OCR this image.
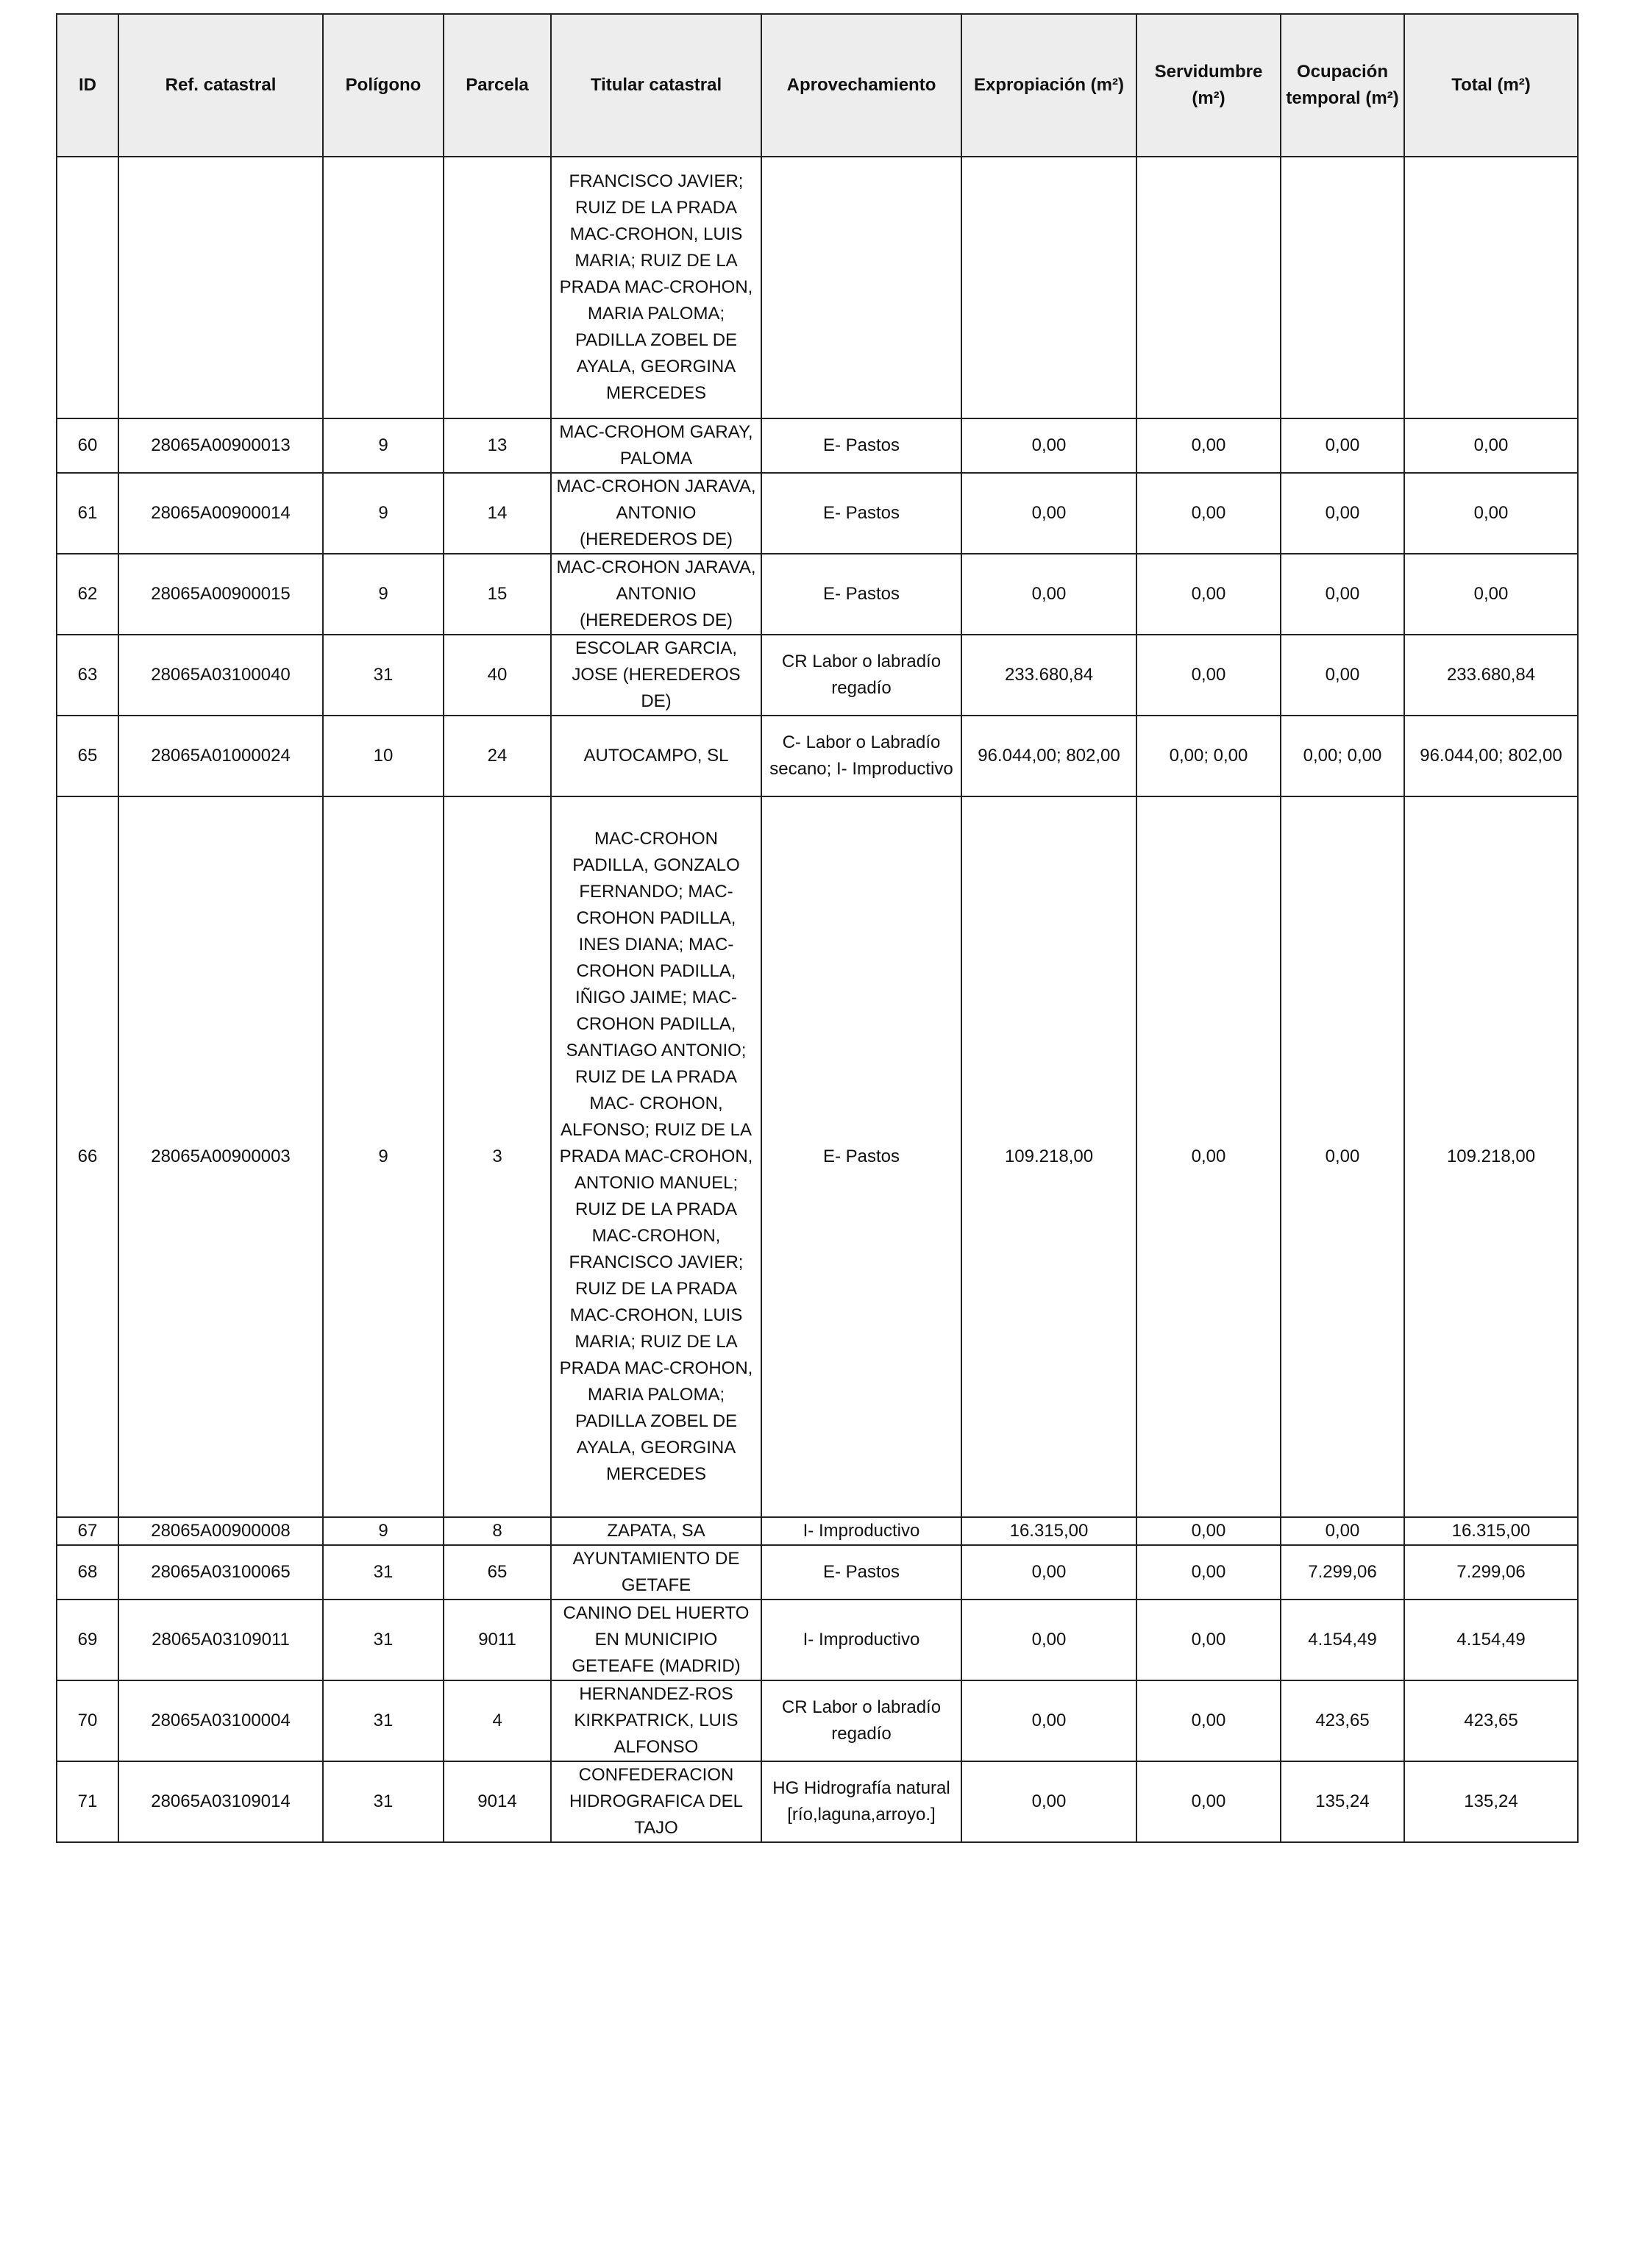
ID	Ref. catastral	Polígono	Parcela	Titular catastral	Aprovechamiento	Expropiación (m²)	Servidumbre (m²)	Ocupación temporal (m²)	Total (m²)
				FRANCISCO JAVIER; RUIZ DE LA PRADA MAC-CROHON, LUIS MARIA; RUIZ DE LA PRADA MAC-CROHON, MARIA PALOMA; PADILLA ZOBEL DE AYALA, GEORGINA MERCEDES					
60	28065A00900013	9	13	MAC-CROHOM GARAY, PALOMA	E- Pastos	0,00	0,00	0,00	0,00
61	28065A00900014	9	14	MAC-CROHON JARAVA, ANTONIO (HEREDEROS DE)	E- Pastos	0,00	0,00	0,00	0,00
62	28065A00900015	9	15	MAC-CROHON JARAVA, ANTONIO (HEREDEROS DE)	E- Pastos	0,00	0,00	0,00	0,00
63	28065A03100040	31	40	ESCOLAR GARCIA, JOSE (HEREDEROS DE)	CR Labor o labradío regadío	233.680,84	0,00	0,00	233.680,84
65	28065A01000024	10	24	AUTOCAMPO, SL	C- Labor o Labradío secano; I- Improductivo	96.044,00; 802,00	0,00; 0,00	0,00; 0,00	96.044,00; 802,00
66	28065A00900003	9	3	MAC-CROHON PADILLA, GONZALO FERNANDO; MAC-CROHON PADILLA, INES DIANA; MAC-CROHON PADILLA, IÑIGO JAIME; MAC-CROHON PADILLA, SANTIAGO ANTONIO; RUIZ DE LA PRADA MAC- CROHON, ALFONSO; RUIZ DE LA PRADA MAC-CROHON, ANTONIO MANUEL; RUIZ DE LA PRADA MAC-CROHON, FRANCISCO JAVIER; RUIZ DE LA PRADA MAC-CROHON, LUIS MARIA; RUIZ DE LA PRADA MAC-CROHON, MARIA PALOMA; PADILLA ZOBEL DE AYALA, GEORGINA MERCEDES	E- Pastos	109.218,00	0,00	0,00	109.218,00
67	28065A00900008	9	8	ZAPATA, SA	I- Improductivo	16.315,00	0,00	0,00	16.315,00
68	28065A03100065	31	65	AYUNTAMIENTO DE GETAFE	E- Pastos	0,00	0,00	7.299,06	7.299,06
69	28065A03109011	31	9011	CANINO DEL HUERTO EN MUNICIPIO GETEAFE (MADRID)	I- Improductivo	0,00	0,00	4.154,49	4.154,49
70	28065A03100004	31	4	HERNANDEZ-ROS KIRKPATRICK, LUIS ALFONSO	CR Labor o labradío regadío	0,00	0,00	423,65	423,65
71	28065A03109014	31	9014	CONFEDERACION HIDROGRAFICA DEL TAJO	HG Hidrografía natural [río,laguna,arroyo.]	0,00	0,00	135,24	135,24
